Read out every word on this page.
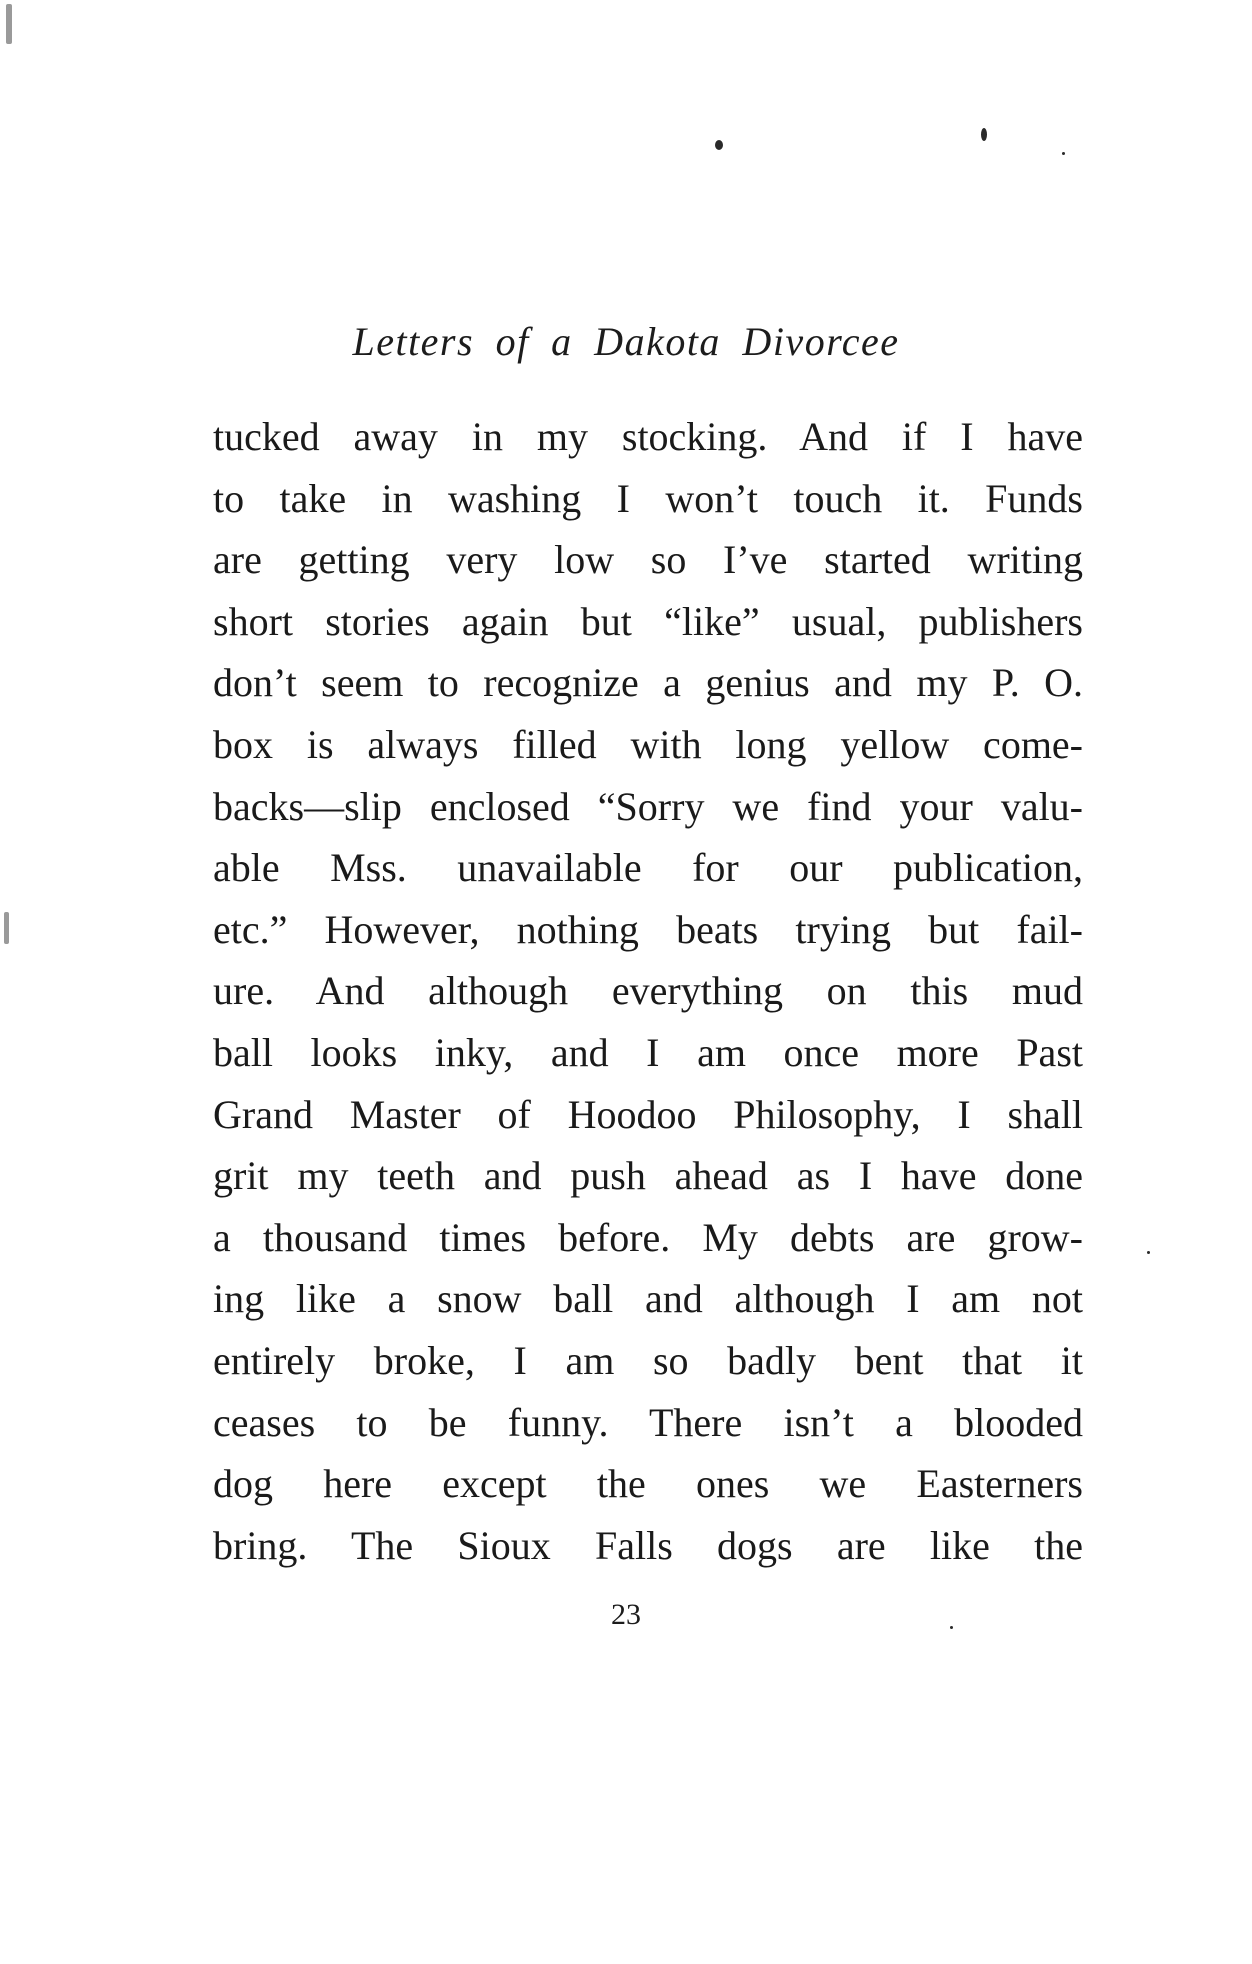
Letters of a Dakota Divorcee
tucked away in my stocking. And if I have
to take in washing I won’t touch it. Funds
are getting very low so I’ve started writing
short stories again but “like” usual, publishers
don’t seem to recognize a genius and my P. O.
box is always filled with long yellow come-
backs—slip enclosed “Sorry we find your valu-
able Mss. unavailable for our publication,
etc.” However, nothing beats trying but fail-
ure. And although everything on this mud
ball looks inky, and I am once more Past
Grand Master of Hoodoo Philosophy, I shall
grit my teeth and push ahead as I have done
a thousand times before. My debts are grow-
ing like a snow ball and although I am not
entirely broke, I am so badly bent that it
ceases to be funny. There isn’t a blooded
dog here except the ones we Easterners
bring. The Sioux Falls dogs are like the
23
